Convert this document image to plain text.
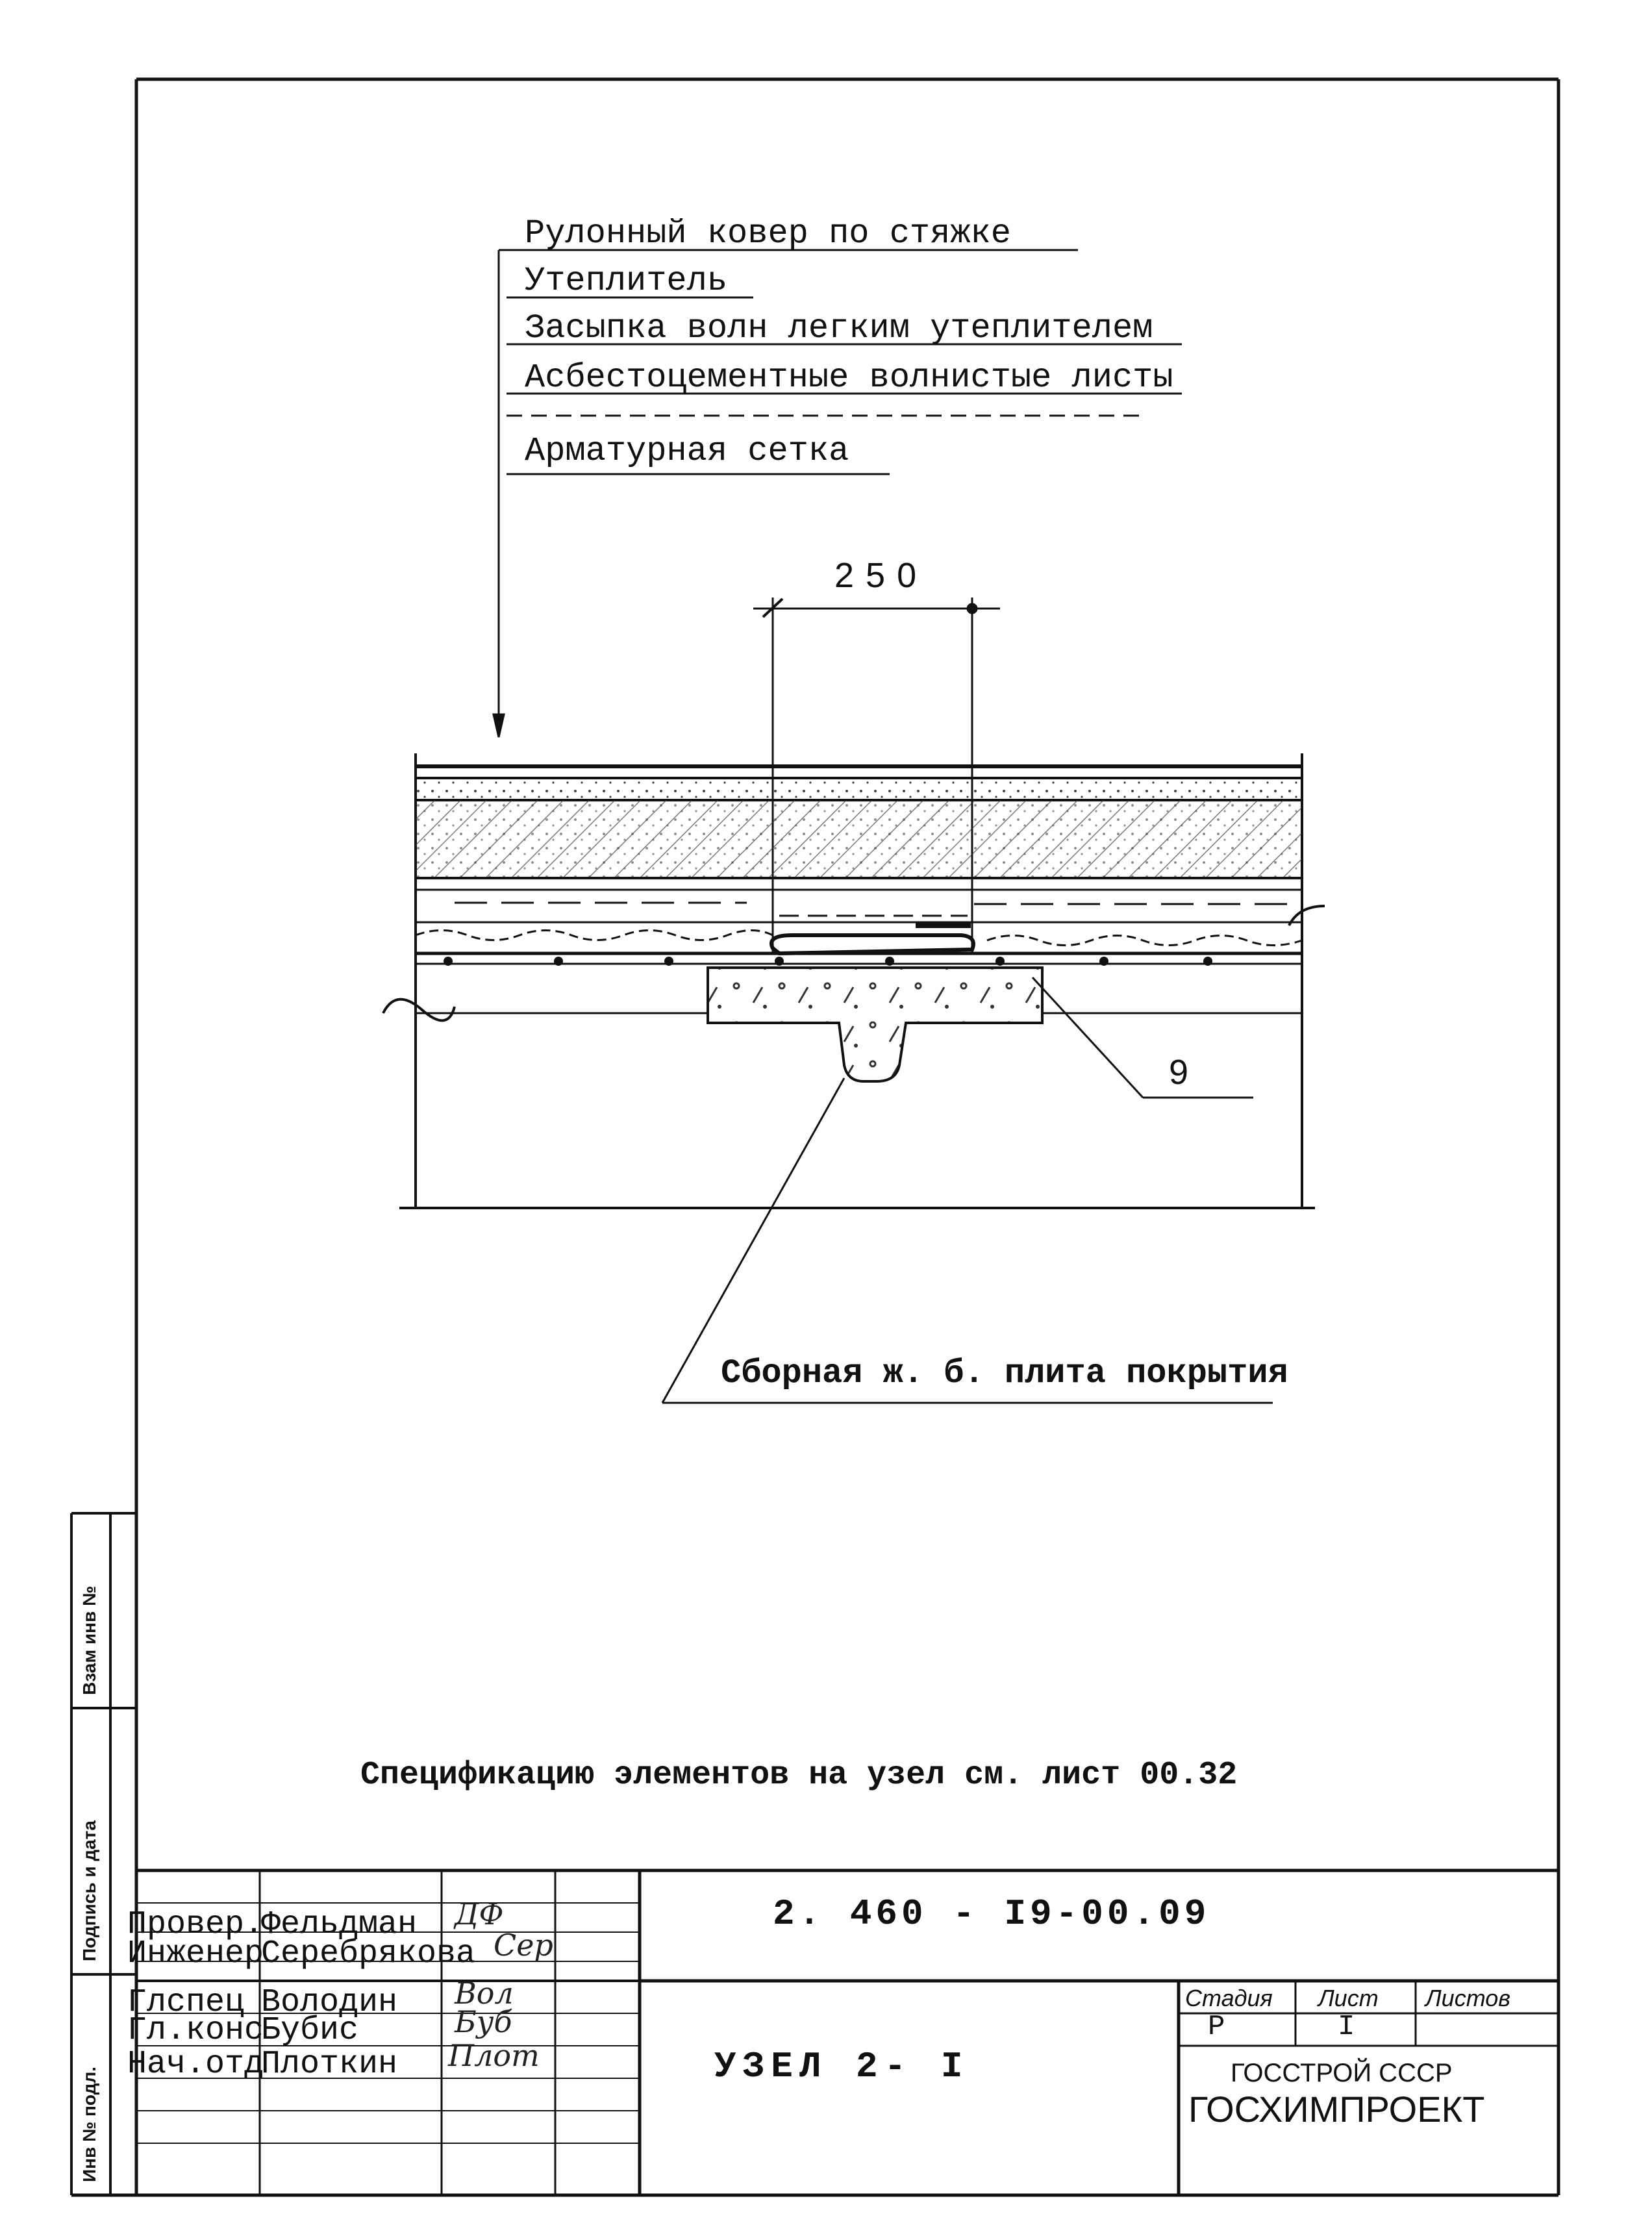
Рулонный ковер по стяжке
Утеплитель
Засыпка волн легким утеплителем
Асбестоцементные волнистые листы
Арматурная сетка
250
9
Сборная ж. б. плита покрытия
Спецификацию элементов на узел см. лист 00.32
2. 460 - I9-00.09
УЗЕЛ 2- I
Стадия Лист Листов
Р	I
ГОССТРОЙ СССР
ГОСХИМПРОЕКТ
Провер.
Фельдман ДФ
Инженер
Серебрякова Сер
Глспец Володин Вол
Гл.конс
Бубис	Буб
Нач.отд
Плоткин Плот
Инв № подл.
Подпись и дата
Взам инв №
